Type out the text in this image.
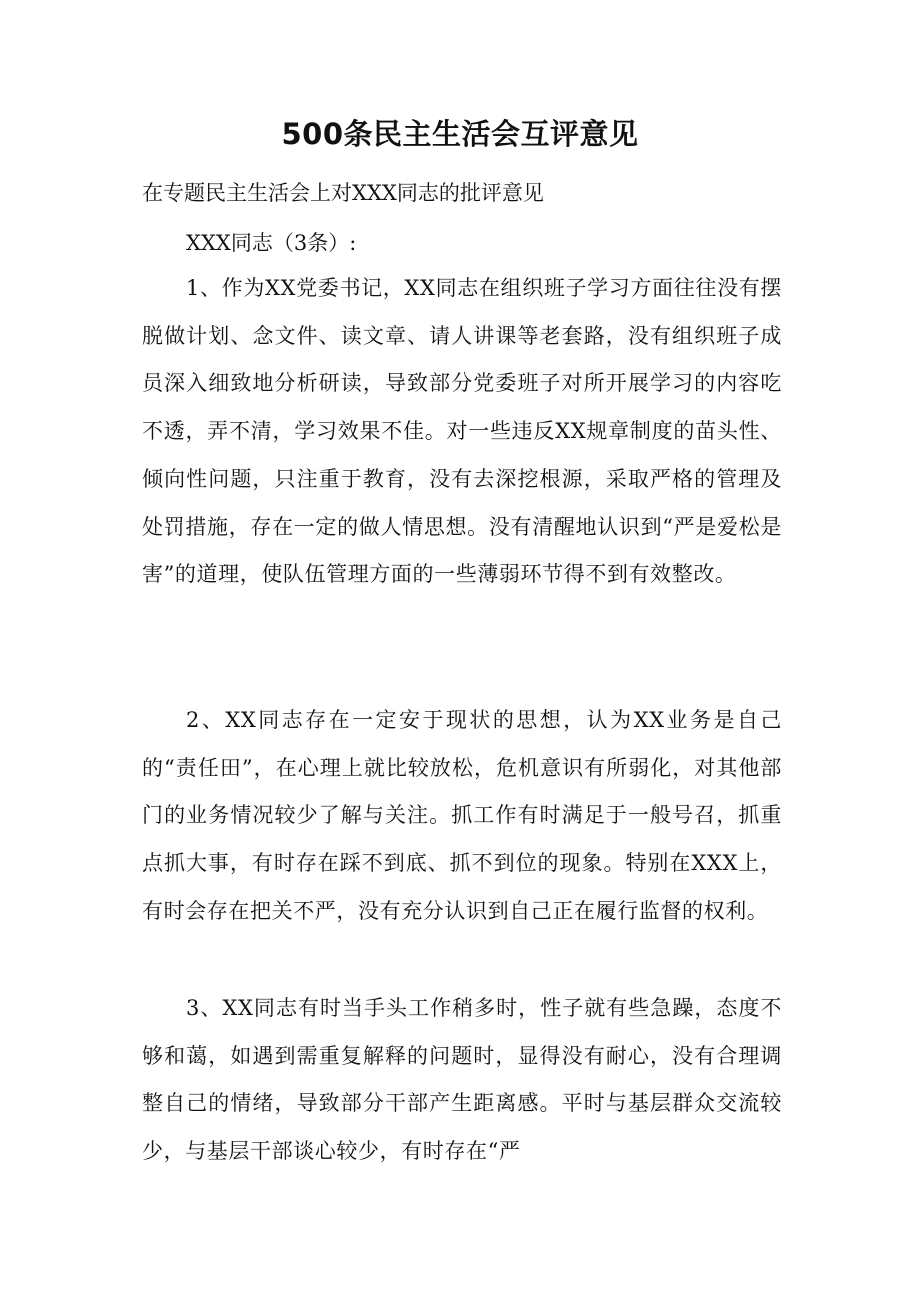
500条民主生活会互评意见
在专题民主生活会上对XXX同志的批评意见
XXX同志（3条）:

1、作为XX党委书记，XX同志在组织班子学习方面往往没有摆脱做计划、念文件、读文章、请人讲课等老套路，没有组织班子成员深入细致地分析研读，导致部分党委班子对所开展学习的内容吃不透，弄不清，学习效果不佳。对一些违反XX规章制度的苗头性、倾向性问题，只注重于教育，没有去深挖根源，采取严格的管理及处罚措施，存在一定的做人情思想。没有清醒地认识到“严是爱松是害”的道理，使队伍管理方面的一些薄弱环节得不到有效整改。

2、XX同志存在一定安于现状的思想，认为XX业务是自己的“责任田”，在心理上就比较放松，危机意识有所弱化，对其他部门的业务情况较少了解与关注。抓工作有时满足于一般号召，抓重点抓大事，有时存在踩不到底、抓不到位的现象。特别在XXX上，有时会存在把关不严，没有充分认识到自己正在履行监督的权利。

3、XX同志有时当手头工作稍多时，性子就有些急躁，态度不够和蔼，如遇到需重复解释的问题时，显得没有耐心，没有合理调整自己的情绪，导致部分干部产生距离感。平时与基层群众交流较少，与基层干部谈心较少，有时存在“严
